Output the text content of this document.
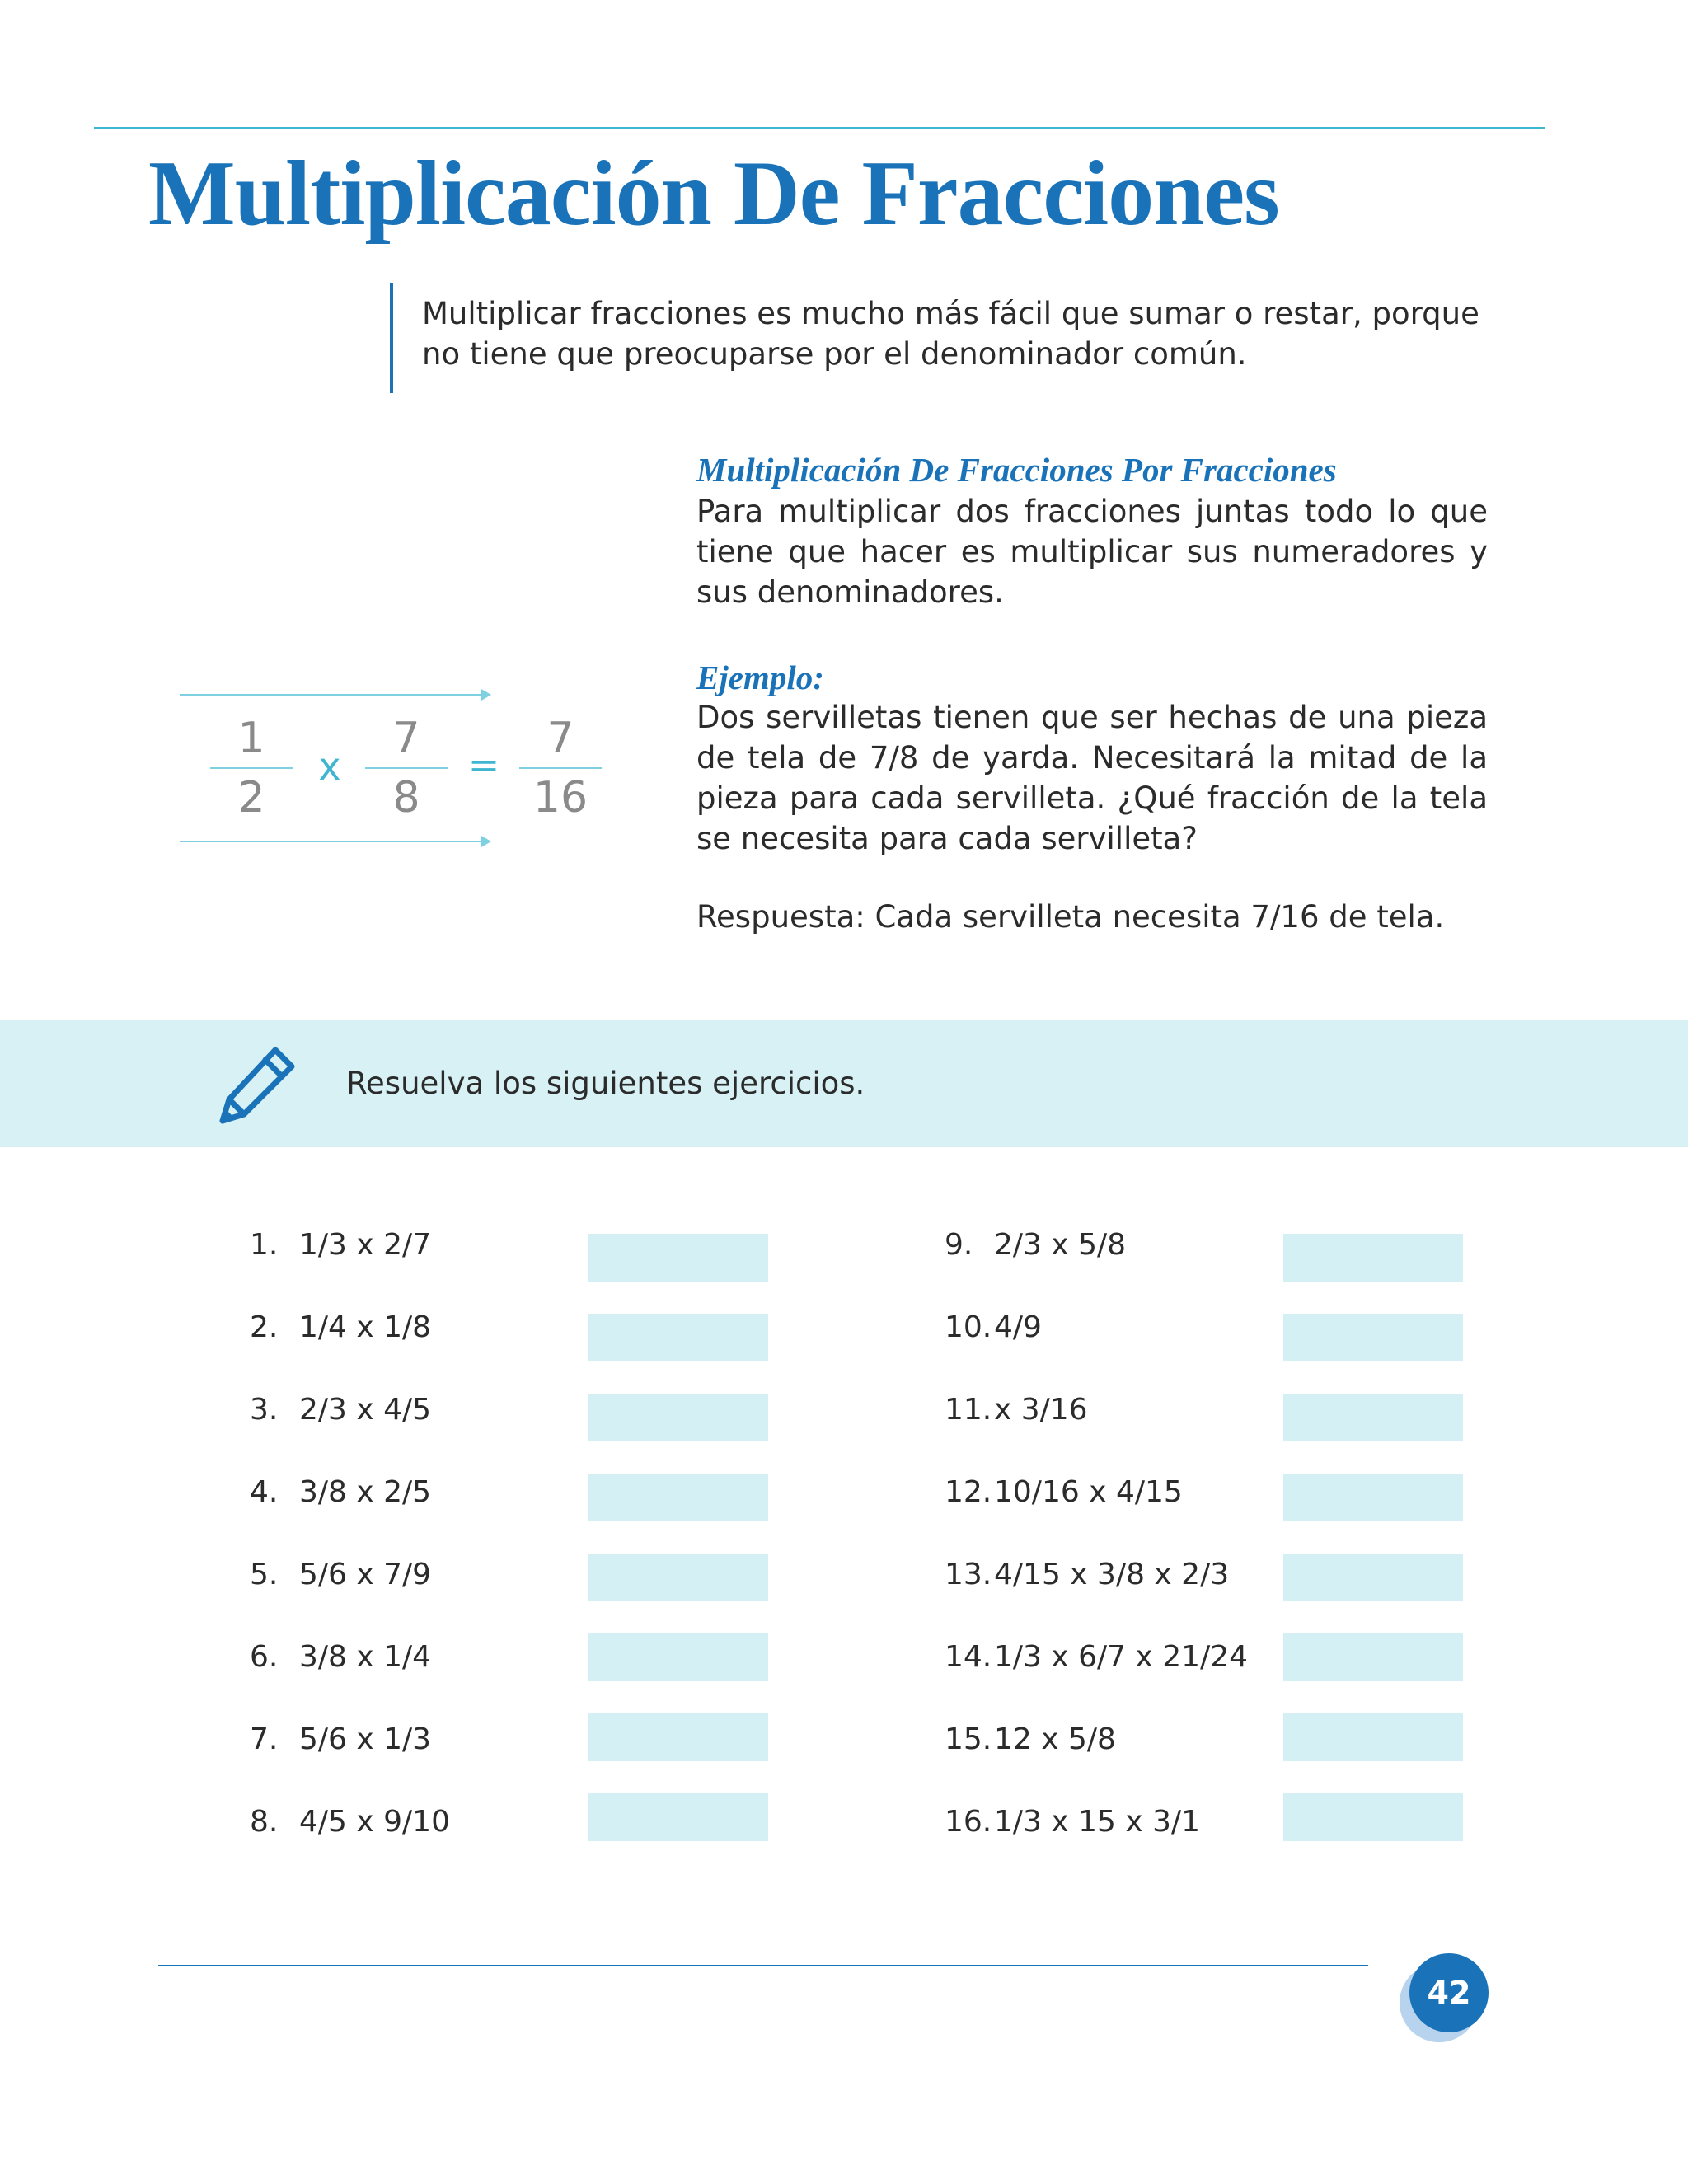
Multiplicación De Fracciones

Multiplicar fracciones es mucho más fácil que sumar o restar, porque no tiene que preocuparse por el denominador común.

Multiplicación De Fracciones Por Fracciones

Para multiplicar dos fracciones juntas todo lo que tiene que hacer es multiplicar sus numeradores y sus denominadores.

Ejemplo:

Dos servilletas tienen que ser hechas de una pieza de tela de 7/8 de yarda. Necesitará la mitad de la pieza para cada servilleta. ¿Qué fracción de la tela se necesita para cada servilleta?

Respuesta: Cada servilleta necesita 7/16 de tela.

1
2
x
7
8
=
7
16

Resuelva los siguientes ejercicios.

1. 1/3 x 2/7
2. 1/4 x 1/8
3. 2/3 x 4/5
4. 3/8 x 2/5
5. 5/6 x 7/9
6. 3/8 x 1/4
7. 5/6 x 1/3
8. 4/5 x 9/10
9. 2/3 x 5/8
10.4/9
11.x 3/16
12.10/16 x 4/15
13.4/15 x 3/8 x 2/3
14.1/3 x 6/7 x 21/24
15.12 x 5/8
16.1/3 x 15 x 3/1
42
